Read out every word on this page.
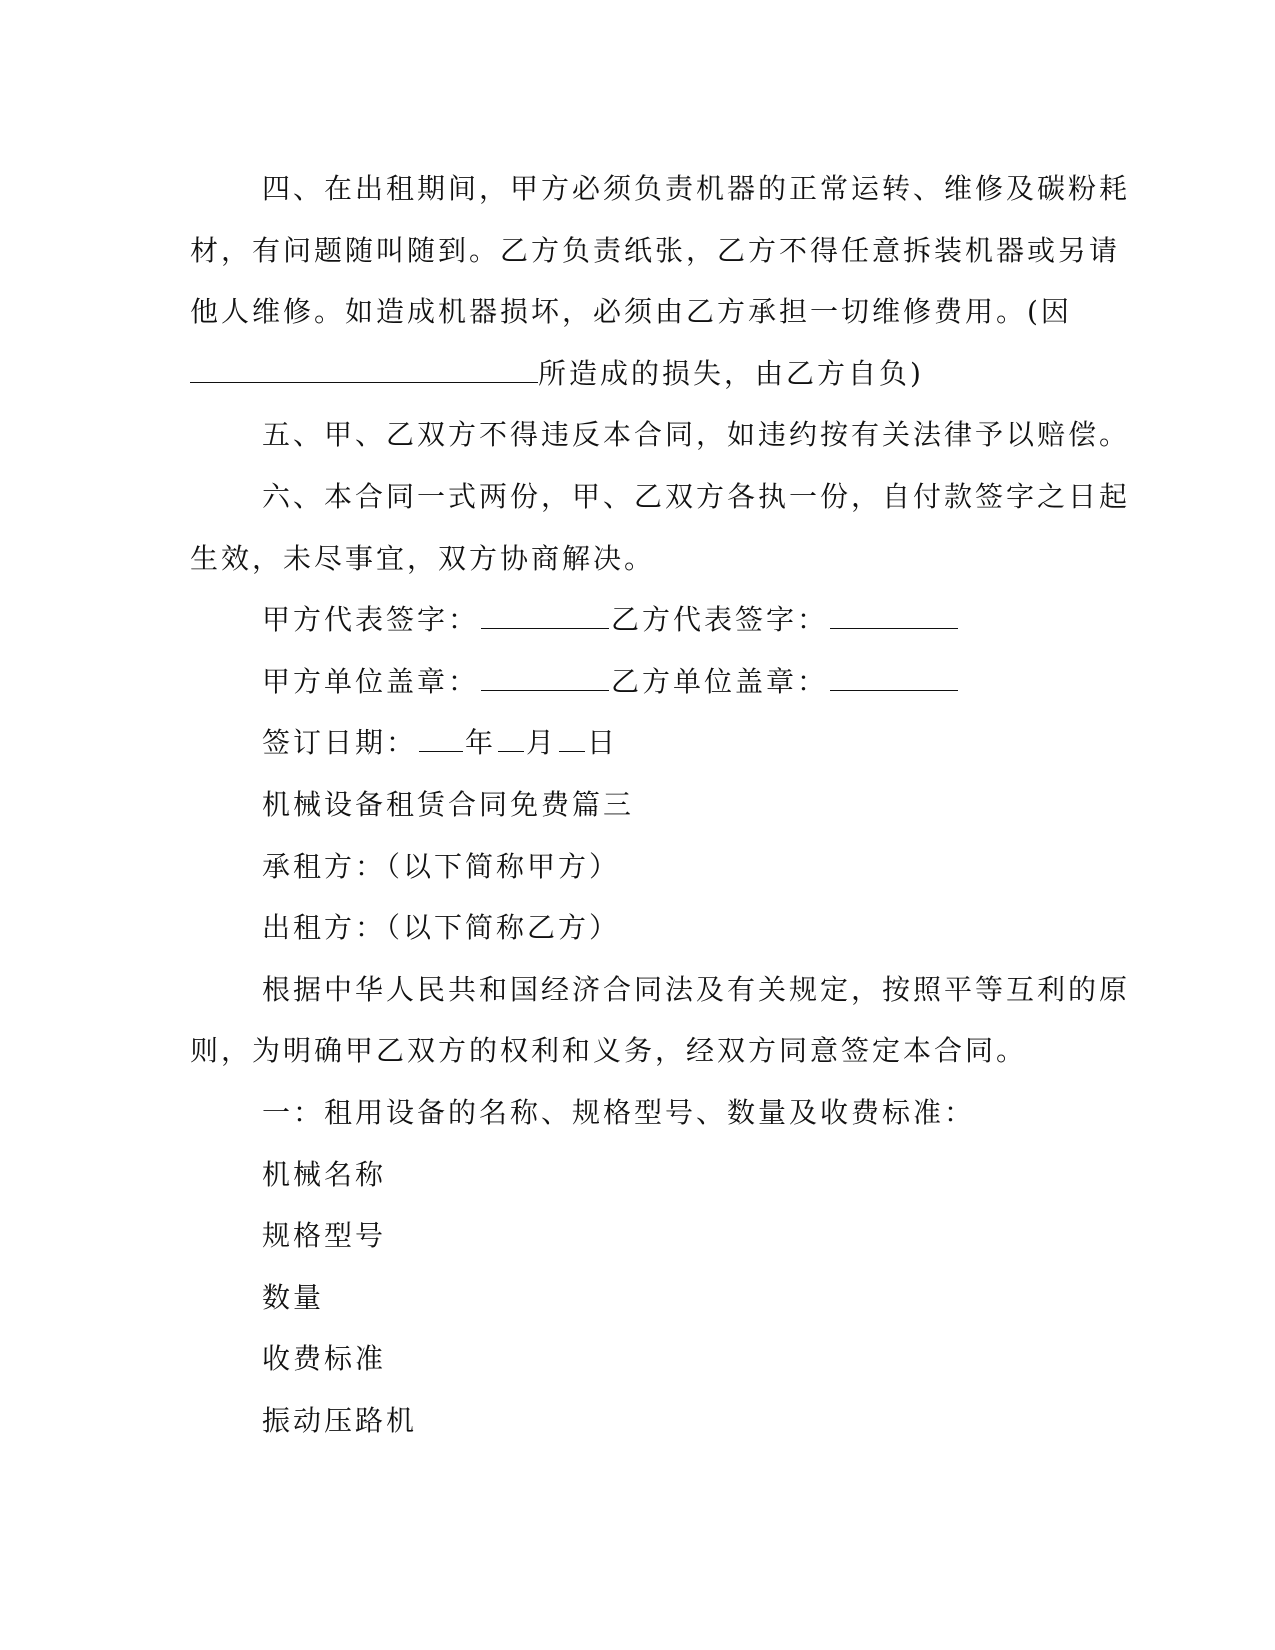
四、在出租期间，甲方必须负责机器的正常运转、维修及碳粉耗
材，有问题随叫随到。乙方负责纸张，乙方不得任意拆装机器或另请
他人维修。如造成机器损坏，必须由乙方承担一切维修费用。(因
所造成的损失，由乙方自负)
五、甲、乙双方不得违反本合同，如违约按有关法律予以赔偿。
六、本合同一式两份，甲、乙双方各执一份，自付款签字之日起
生效，未尽事宜，双方协商解决。
甲方代表签字：	乙方代表签字：
甲方单位盖章：	乙方单位盖章：
签订日期： 年 月 日
机械设备租赁合同免费篇三
承租方：（以下简称甲方）
出租方：（以下简称乙方）
根据中华人民共和国经济合同法及有关规定，按照平等互利的原
则，为明确甲乙双方的权利和义务，经双方同意签定本合同。
一：租用设备的名称、规格型号、数量及收费标准：
机械名称
规格型号
数量
收费标准
振动压路机
